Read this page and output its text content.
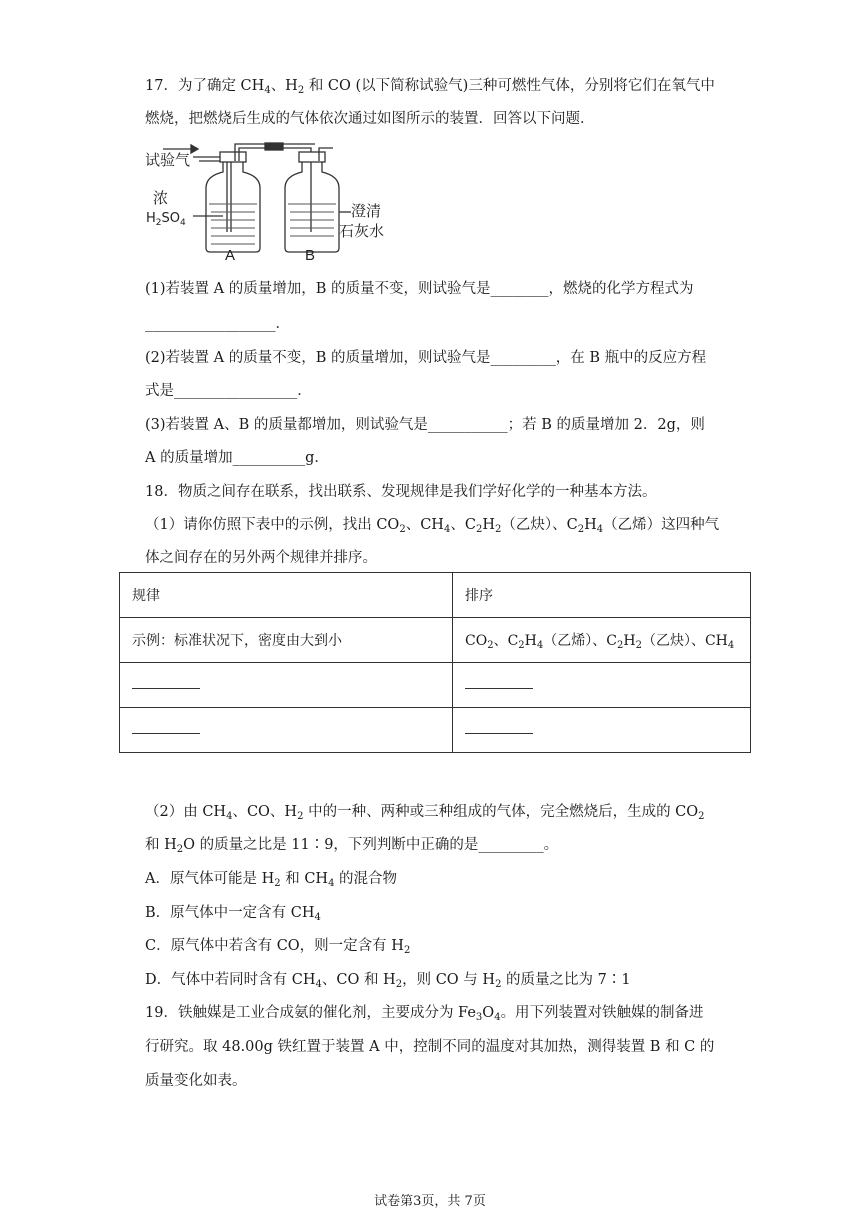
17．为了确定 $CH_4$、$H_2$ 和 CO (以下简称试验气)三种可燃性气体，分别将它们在氧气中
燃烧，把燃烧后生成的气体依次通过如图所示的装置．回答以下问题．
试验气
浓
$H_2SO_4$
澄清
石灰水
A	B
(1)若装置 A 的质量增加，B 的质量不变，则试验气是________，燃烧的化学方程式为
__________________．
(2)若装置 A 的质量不变，B 的质量增加，则试验气是_________，在 B 瓶中的反应方程
式是_________________．
(3)若装置 A、B 的质量都增加，则试验气是___________；若 B 的质量增加 2．2g，则
A 的质量增加__________g．
18．物质之间存在联系，找出联系、发现规律是我们学好化学的一种基本方法。
（1）请你仿照下表中的示例，找出 $CO_2$、$CH_4$、$C_2H_2$（乙炔）、$C_2H_4$（乙烯）这四种气
体之间存在的另外两个规律并排序。
规律	排序
示例：标准状况下，密度由大到小	$CO_2$、$C_2H_4$（乙烯）、$C_2H_2$（乙炔）、$CH_4$

（2）由 $CH_4$、CO、$H_2$ 中的一种、两种或三种组成的气体，完全燃烧后，生成的 $CO_2$
和 $H_2O$ 的质量之比是 11∶9，下列判断中正确的是_________。
A．原气体可能是 $H_2$ 和 $CH_4$ 的混合物
B．原气体中一定含有 $CH_4$
C．原气体中若含有 CO，则一定含有 $H_2$
D．气体中若同时含有 $CH_4$、CO 和 $H_2$，则 CO 与 $H_2$ 的质量之比为 7∶1
19．铁触媒是工业合成氨的催化剂，主要成分为 $Fe_3O_4$。用下列装置对铁触媒的制备进
行研究。取 48.00g 铁红置于装置 A 中，控制不同的温度对其加热，测得装置 B 和 C 的
质量变化如表。
试卷第3页，共 7页
